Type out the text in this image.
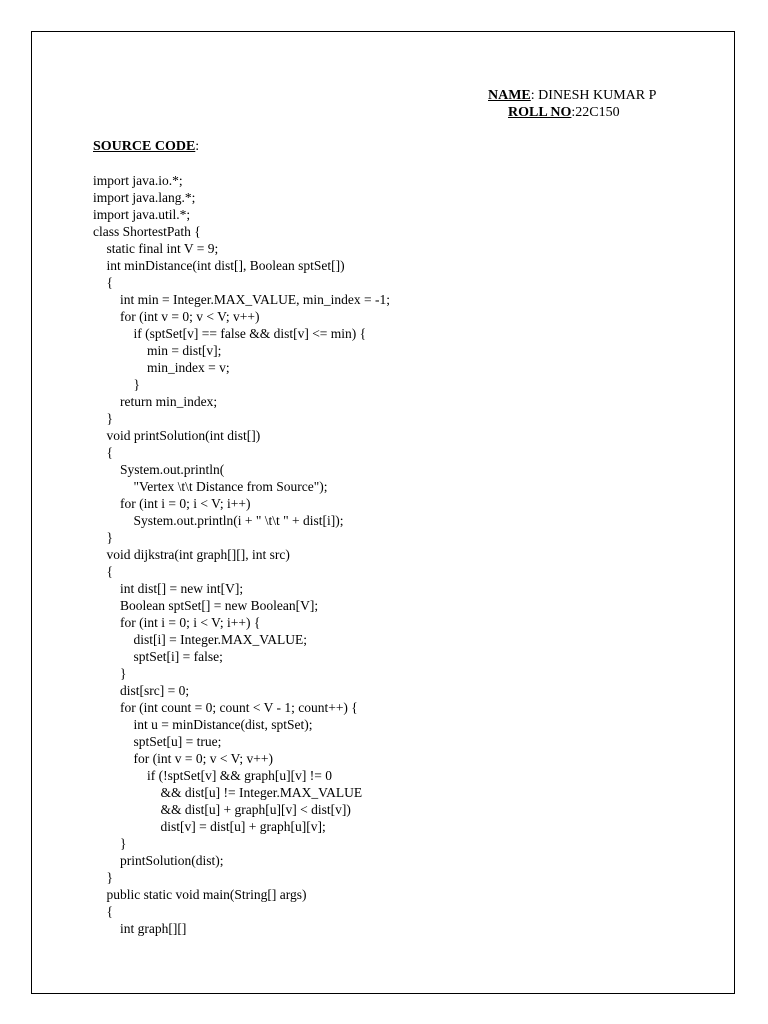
NAME: DINESH KUMAR P
ROLL NO:22C150
SOURCE CODE:
import java.io.*;
import java.lang.*;
import java.util.*;
class ShortestPath {
static final int V = 9;
int minDistance(int dist[], Boolean sptSet[])
{
int min = Integer.MAX_VALUE, min_index = -1;
for (int v = 0; v < V; v++)
if (sptSet[v] == false && dist[v] <= min) {
min = dist[v];
min_index = v;
}
return min_index;
}
void printSolution(int dist[])
{
System.out.println(
"Vertex \t\t Distance from Source");
for (int i = 0; i < V; i++)
System.out.println(i + " \t\t " + dist[i]);
}
void dijkstra(int graph[][], int src)
{
int dist[] = new int[V];
Boolean sptSet[] = new Boolean[V];
for (int i = 0; i < V; i++) {
dist[i] = Integer.MAX_VALUE;
sptSet[i] = false;
}
dist[src] = 0;
for (int count = 0; count < V - 1; count++) {
int u = minDistance(dist, sptSet);
sptSet[u] = true;
for (int v = 0; v < V; v++)
if (!sptSet[v] && graph[u][v] != 0
&& dist[u] != Integer.MAX_VALUE
&& dist[u] + graph[u][v] < dist[v])
dist[v] = dist[u] + graph[u][v];
}
printSolution(dist);
}
public static void main(String[] args)
{
int graph[][]
